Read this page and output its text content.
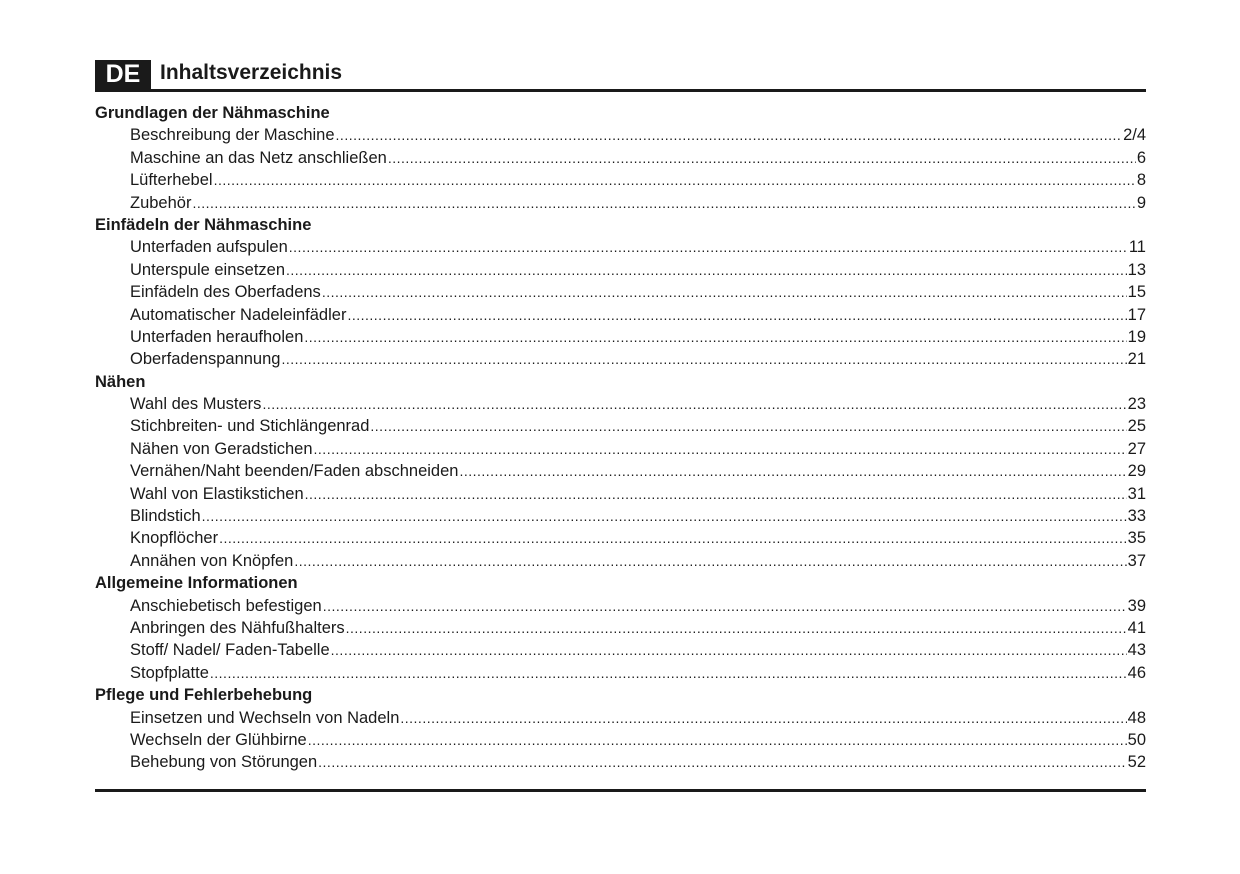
DE Inhaltsverzeichnis
Grundlagen der Nähmaschine
Beschreibung der Maschine .....	2/4
Maschine an das Netz anschließen .....	6
Lüfterhebel .....	8
Zubehör .....	9
Einfädeln der Nähmaschine
Unterfaden aufspulen .....	11
Unterspule einsetzen .....	13
Einfädeln des Oberfadens .....	15
Automatischer Nadeleinfädler .....	17
Unterfaden heraufholen .....	19
Oberfadenspannung .....	21
Nähen
Wahl des Musters .....	23
Stichbreiten- und Stichlängenrad .....	25
Nähen von Geradstichen .....	27
Vernähen/Naht beenden/Faden abschneiden .....	29
Wahl von Elastikstichen .....	31
Blindstich .....	33
Knopflöcher .....	35
Annähen von Knöpfen .....	37
Allgemeine Informationen
Anschiebetisch befestigen .....	39
Anbringen des Nähfußhalters .....	41
Stoff/ Nadel/ Faden-Tabelle .....	43
Stopfplatte .....	46
Pflege und Fehlerbehebung
Einsetzen und Wechseln von Nadeln .....	48
Wechseln der Glühbirne .....	50
Behebung von Störungen .....	52
